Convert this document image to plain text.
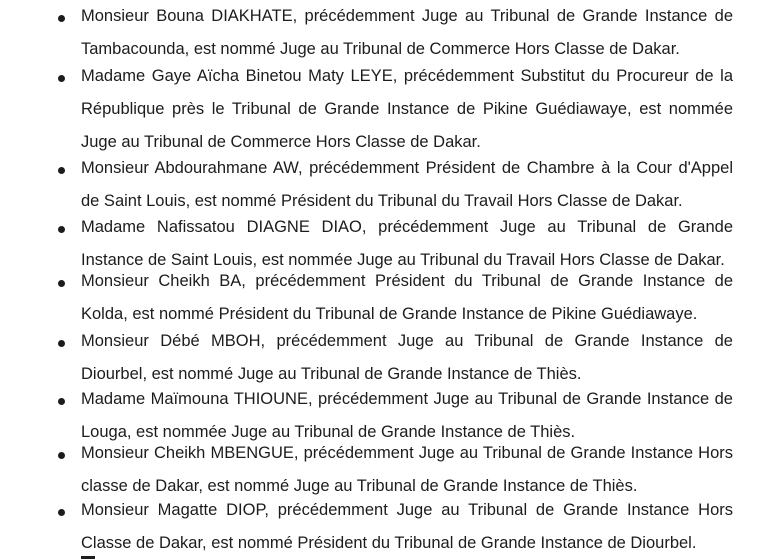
Monsieur Bouna DIAKHATE, précédemment Juge au Tribunal de Grande Instance de Tambacounda, est nommé Juge au Tribunal de Commerce Hors Classe de Dakar.

Madame Gaye Aïcha Binetou Maty LEYE, précédemment Substitut du Procureur de la République près le Tribunal de Grande Instance de Pikine Guédiawaye, est nommée Juge au Tribunal de Commerce Hors Classe de Dakar.

Monsieur Abdourahmane AW, précédemment Président de Chambre à la Cour d'Appel de Saint Louis, est nommé Président du Tribunal du Travail Hors Classe de Dakar.

Madame Nafissatou DIAGNE DIAO, précédemment Juge au Tribunal de Grande Instance de Saint Louis, est nommée Juge au Tribunal du Travail Hors Classe de Dakar.

Monsieur Cheikh BA, précédemment Président du Tribunal de Grande Instance de Kolda, est nommé Président du Tribunal de Grande Instance de Pikine Guédiawaye.

Monsieur Débé MBOH, précédemment Juge au Tribunal de Grande Instance de Diourbel, est nommé Juge au Tribunal de Grande Instance de Thiès.

Madame Maïmouna THIOUNE, précédemment Juge au Tribunal de Grande Instance de Louga, est nommée Juge au Tribunal de Grande Instance de Thiès.

Monsieur Cheikh MBENGUE, précédemment Juge au Tribunal de Grande Instance Hors classe de Dakar, est nommé Juge au Tribunal de Grande Instance de Thiès.

Monsieur Magatte DIOP, précédemment Juge au Tribunal de Grande Instance Hors Classe de Dakar, est nommé Président du Tribunal de Grande Instance de Diourbel.
